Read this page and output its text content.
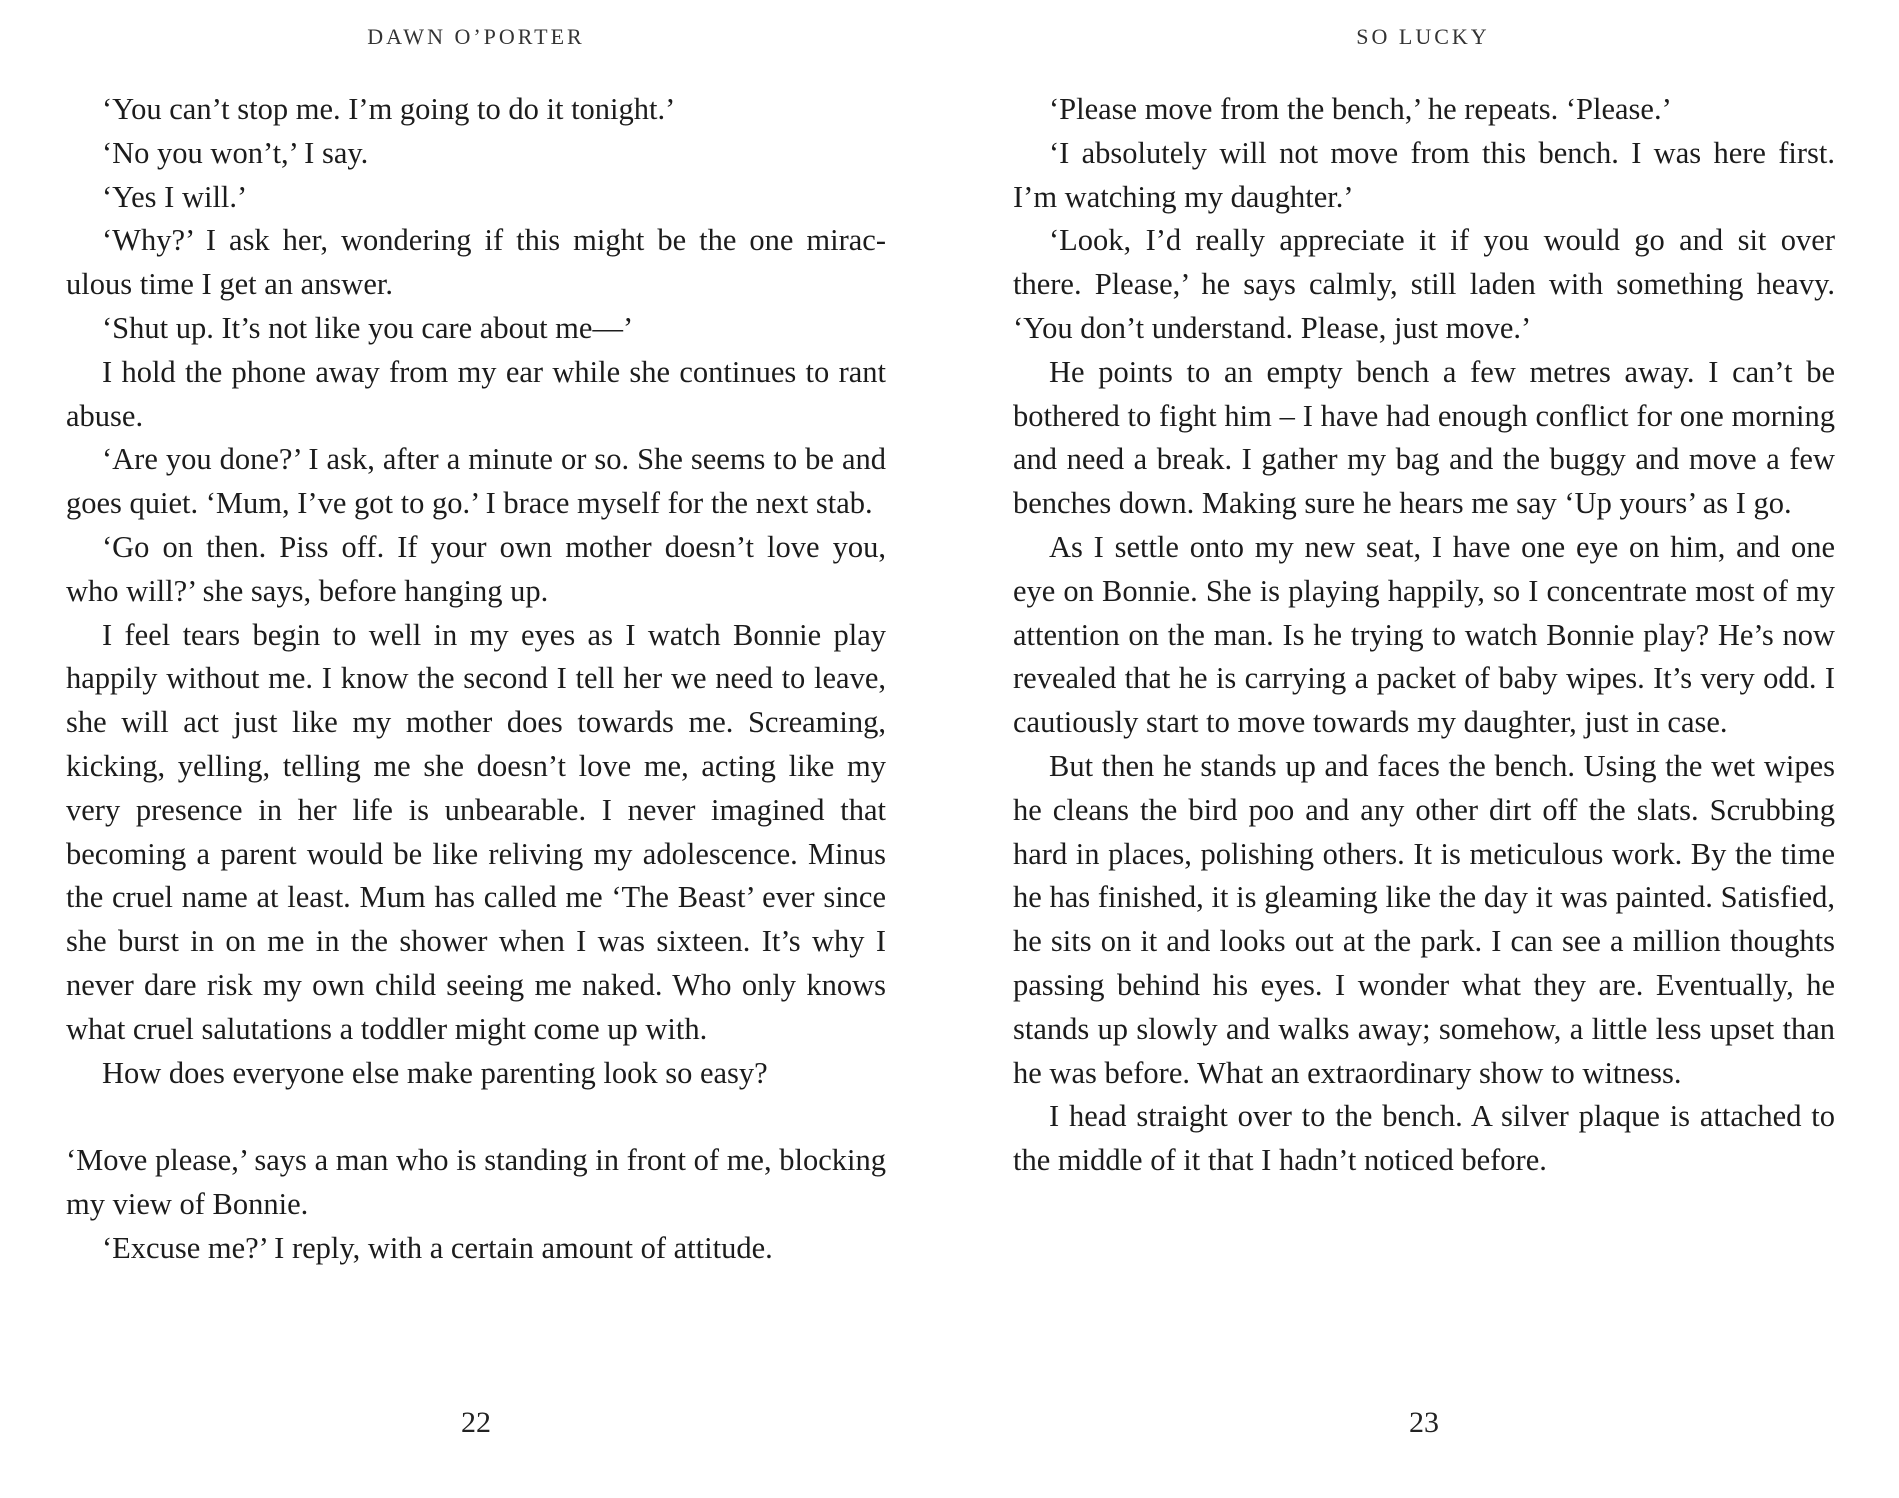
DAWN O’PORTER

‘You can’t stop me. I’m going to do it tonight.’

‘No you won’t,’ I say.

‘Yes I will.’

‘Why?’ I ask her, wondering if this might be the one mirac-ulous time I get an answer.

‘Shut up. It’s not like you care about me—’

I hold the phone away from my ear while she continues to rant abuse.

‘Are you done?’ I ask, after a minute or so. She seems to be and goes quiet. ‘Mum, I’ve got to go.’ I brace myself for the next stab.

‘Go on then. Piss off. If your own mother doesn’t love you, who will?’ she says, before hanging up.

I feel tears begin to well in my eyes as I watch Bonnie play happily without me. I know the second I tell her we need to leave, she will act just like my mother does towards me. Screaming, kicking, yelling, telling me she doesn’t love me, acting like my very presence in her life is unbearable. I never imagined that becoming a parent would be like reliving my adolescence. Minus the cruel name at least. Mum has called me ‘The Beast’ ever since she burst in on me in the shower when I was sixteen. It’s why I never dare risk my own child seeing me naked. Who only knows what cruel salutations a toddler might come up with.

How does everyone else make parenting look so easy?

‘Move please,’ says a man who is standing in front of me, blocking my view of Bonnie.

‘Excuse me?’ I reply, with a certain amount of attitude.

22
SO LUCKY

‘Please move from the bench,’ he repeats. ‘Please.’

‘I absolutely will not move from this bench. I was here first. I’m watching my daughter.’

‘Look, I’d really appreciate it if you would go and sit over there. Please,’ he says calmly, still laden with something heavy. ‘You don’t understand. Please, just move.’

He points to an empty bench a few metres away. I can’t be bothered to fight him – I have had enough conflict for one morning and need a break. I gather my bag and the buggy and move a few benches down. Making sure he hears me say ‘Up yours’ as I go.

As I settle onto my new seat, I have one eye on him, and one eye on Bonnie. She is playing happily, so I concentrate most of my attention on the man. Is he trying to watch Bonnie play? He’s now revealed that he is carrying a packet of baby wipes. It’s very odd. I cautiously start to move towards my daughter, just in case.

But then he stands up and faces the bench. Using the wet wipes he cleans the bird poo and any other dirt off the slats. Scrubbing hard in places, polishing others. It is meticulous work. By the time he has finished, it is gleaming like the day it was painted. Satisfied, he sits on it and looks out at the park. I can see a million thoughts passing behind his eyes. I wonder what they are. Eventually, he stands up slowly and walks away; somehow, a little less upset than he was before. What an extraordinary show to witness.

I head straight over to the bench. A silver plaque is attached to the middle of it that I hadn’t noticed before.

23
